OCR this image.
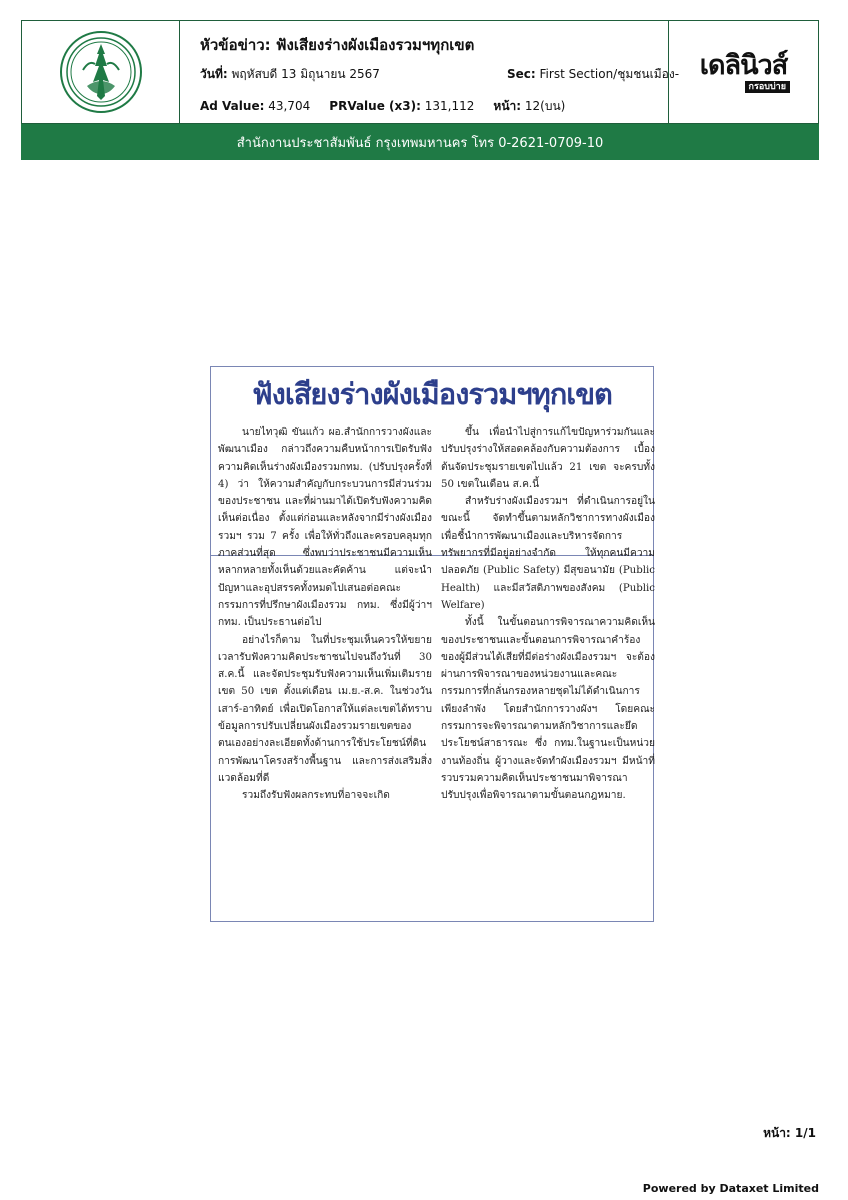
หัวข้อข่าว: ฟังเสียงร่างผังเมืองรวมฯทุกเขต
วันที่: พฤหัสบดี 13 มิถุนายน 2567	Sec: First Section/ชุมชนเมือง-
Ad Value: 43,704 PRValue (x3): 131,112 หน้า: 12(บน)
เดลินิวส์
กรอบบ่าย
สำนักงานประชาสัมพันธ์ กรุงเทพมหานคร โทร 0-2621-0709-10
ฟังเสียงร่างผังเมืองรวมฯทุกเขต

นายไทวุฒิ ขันแก้ว ผอ.สำนักการวางผังและพัฒนาเมือง กล่าวถึงความคืบหน้าการเปิดรับฟังความคิดเห็นร่างผังเมืองรวมกทม. (ปรับปรุงครั้งที่ 4) ว่า ให้ความสำคัญกับกระบวนการมีส่วนร่วมของประชาชน และที่ผ่านมาได้เปิดรับฟังความคิดเห็นต่อเนื่อง ตั้งแต่ก่อนและหลังจากมีร่างผังเมืองรวมฯ รวม 7 ครั้ง เพื่อให้ทั่วถึงและครอบคลุมทุกภาคส่วนที่สุด ซึ่งพบว่าประชาชนมีความเห็นหลากหลายทั้งเห็นด้วยและคัดค้าน แต่จะนำปัญหาและอุปสรรคทั้งหมดไปเสนอต่อคณะกรรมการที่ปรึกษาผังเมืองรวม กทม. ซึ่งมีผู้ว่าฯ กทม. เป็นประธานต่อไป

อย่างไรก็ตาม ในที่ประชุมเห็นควรให้ขยายเวลารับฟังความคิดประชาชนไปจนถึงวันที่ 30 ส.ค.นี้ และจัดประชุมรับฟังความเห็นเพิ่มเติมรายเขต 50 เขต ตั้งแต่เดือน เม.ย.-ส.ค. ในช่วงวันเสาร์-อาทิตย์ เพื่อเปิดโอกาสให้แต่ละเขตได้ทราบข้อมูลการปรับเปลี่ยนผังเมืองรวมรายเขตของตนเองอย่างละเอียดทั้งด้านการใช้ประโยชน์ที่ดิน การพัฒนาโครงสร้างพื้นฐาน และการส่งเสริมสิ่งแวดล้อมที่ดี

รวมถึงรับฟังผลกระทบที่อาจจะเกิด

ขึ้น เพื่อนำไปสู่การแก้ไขปัญหาร่วมกันและปรับปรุงร่างให้สอดคล้องกับความต้องการ เบื้องต้นจัดประชุมรายเขตไปแล้ว 21 เขต จะครบทั้ง 50 เขตในเดือน ส.ค.นี้

สำหรับร่างผังเมืองรวมฯ ที่ดำเนินการอยู่ในขณะนี้ จัดทำขึ้นตามหลักวิชาการทางผังเมือง เพื่อชี้นำการพัฒนาเมืองและบริหารจัดการทรัพยากรที่มีอยู่อย่างจำกัด ให้ทุกคนมีความปลอดภัย (Public Safety) มีสุขอนามัย (Public Health) และมีสวัสดิภาพของสังคม (Public Welfare)

ทั้งนี้ ในขั้นตอนการพิจารณาความคิดเห็นของประชาชนและขั้นตอนการพิจารณาคำร้องของผู้มีส่วนได้เสียที่มีต่อร่างผังเมืองรวมฯ จะต้องผ่านการพิจารณาของหน่วยงานและคณะกรรมการที่กลั่นกรองหลายชุดไม่ได้ดำเนินการเพียงลำพัง โดยสำนักการวางผังฯ โดยคณะกรรมการจะพิจารณาตามหลักวิชาการและยึดประโยชน์สาธารณะ ซึ่ง กทม.ในฐานะเป็นหน่วยงานท้องถิ่น ผู้วางและจัดทำผังเมืองรวมฯ มีหน้าที่รวบรวมความคิดเห็นประชาชนมาพิจารณาปรับปรุงเพื่อพิจารณาตามขั้นตอนกฎหมาย.

หน้า: 1/1
Powered by Dataxet Limited
